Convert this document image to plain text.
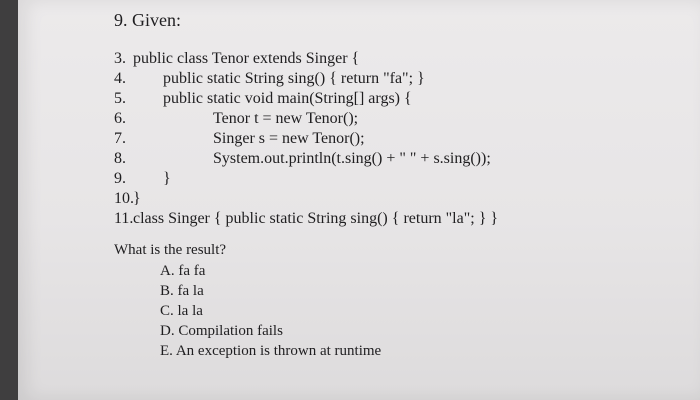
9. Given:
3. public class Tenor extends Singer {
4. public static String sing() { return "fa"; }
5. public static void main(String[] args) {
6.	Tenor t = new Tenor();
7.	Singer s = new Tenor();
8.	System.out.println(t.sing() + " " + s.sing());
9. }
10. }
11. class Singer { public static String sing() { return "la"; } }
What is the result?
A. fa fa
B. fa la
C. la la
D. Compilation fails
E. An exception is thrown at runtime
